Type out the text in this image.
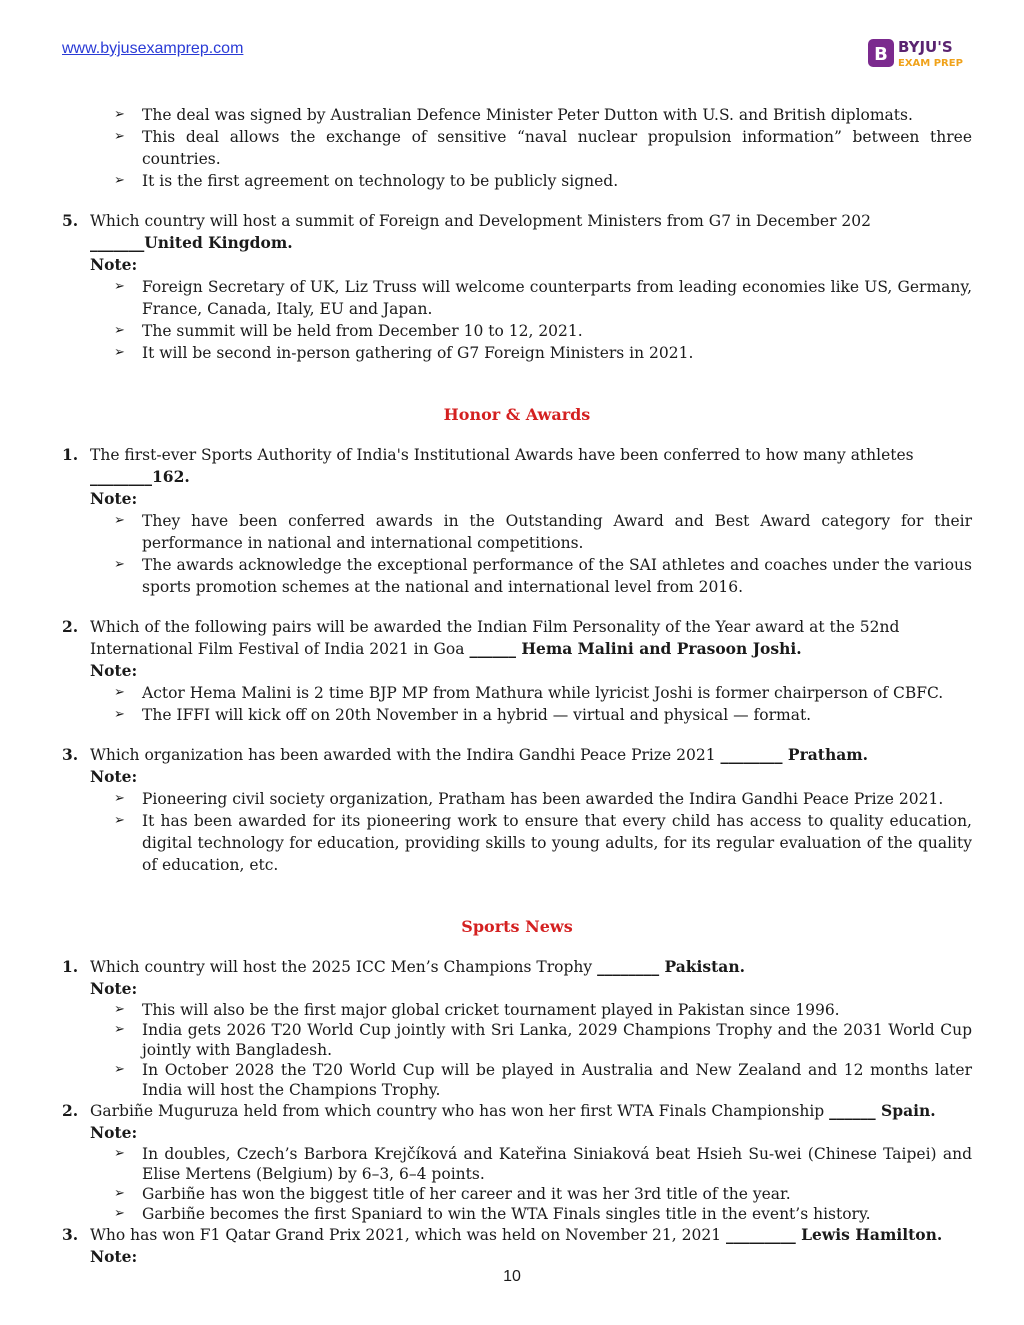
www.byjusexamprep.com	B BYJU'S
EXAM PREP
➢	The deal was signed by Australian Defence Minister Peter Dutton with U.S. and British diplomats.
➢	This deal allows the exchange of sensitive “naval nuclear propulsion information” between three countries.
➢	It is the first agreement on technology to be publicly signed.
5. Which country will host a summit of Foreign and Development Ministers from G7 in December 202 _______United Kingdom.
Note:
➢	Foreign Secretary of UK, Liz Truss will welcome counterparts from leading economies like US, Germany, France, Canada, Italy, EU and Japan.
➢	The summit will be held from December 10 to 12, 2021.
➢	It will be second in-person gathering of G7 Foreign Ministers in 2021.
Honor & Awards
1. The first-ever Sports Authority of India's Institutional Awards have been conferred to how many athletes ________162.
Note:
➢	They have been conferred awards in the Outstanding Award and Best Award category for their performance in national and international competitions.
➢	The awards acknowledge the exceptional performance of the SAI athletes and coaches under the various sports promotion schemes at the national and international level from 2016.
2. Which of the following pairs will be awarded the Indian Film Personality of the Year award at the 52nd International Film Festival of India 2021 in Goa ______ Hema Malini and Prasoon Joshi.
Note:
➢	Actor Hema Malini is 2 time BJP MP from Mathura while lyricist Joshi is former chairperson of CBFC.
➢	The IFFI will kick off on 20th November in a hybrid — virtual and physical — format.
3. Which organization has been awarded with the Indira Gandhi Peace Prize 2021 ________ Pratham.
Note:
➢	Pioneering civil society organization, Pratham has been awarded the Indira Gandhi Peace Prize 2021.
➢	It has been awarded for its pioneering work to ensure that every child has access to quality education, digital technology for education, providing skills to young adults, for its regular evaluation of the quality of education, etc.
Sports News
1. Which country will host the 2025 ICC Men’s Champions Trophy ________ Pakistan.
Note:
➢	This will also be the first major global cricket tournament played in Pakistan since 1996.
➢	India gets 2026 T20 World Cup jointly with Sri Lanka, 2029 Champions Trophy and the 2031 World Cup jointly with Bangladesh.
➢	In October 2028 the T20 World Cup will be played in Australia and New Zealand and 12 months later India will host the Champions Trophy.
2. Garbiñe Muguruza held from which country who has won her first WTA Finals Championship ______ Spain.
Note:
➢	In doubles, Czech’s Barbora Krejčíková and Kateřina Siniaková beat Hsieh Su-wei (Chinese Taipei) and Elise Mertens (Belgium) by 6–3, 6–4 points.
➢	Garbiñe has won the biggest title of her career and it was her 3rd title of the year.
➢	Garbiñe becomes the first Spaniard to win the WTA Finals singles title in the event’s history.
3. Who has won F1 Qatar Grand Prix 2021, which was held on November 21, 2021 _________ Lewis Hamilton.
Note:
10
